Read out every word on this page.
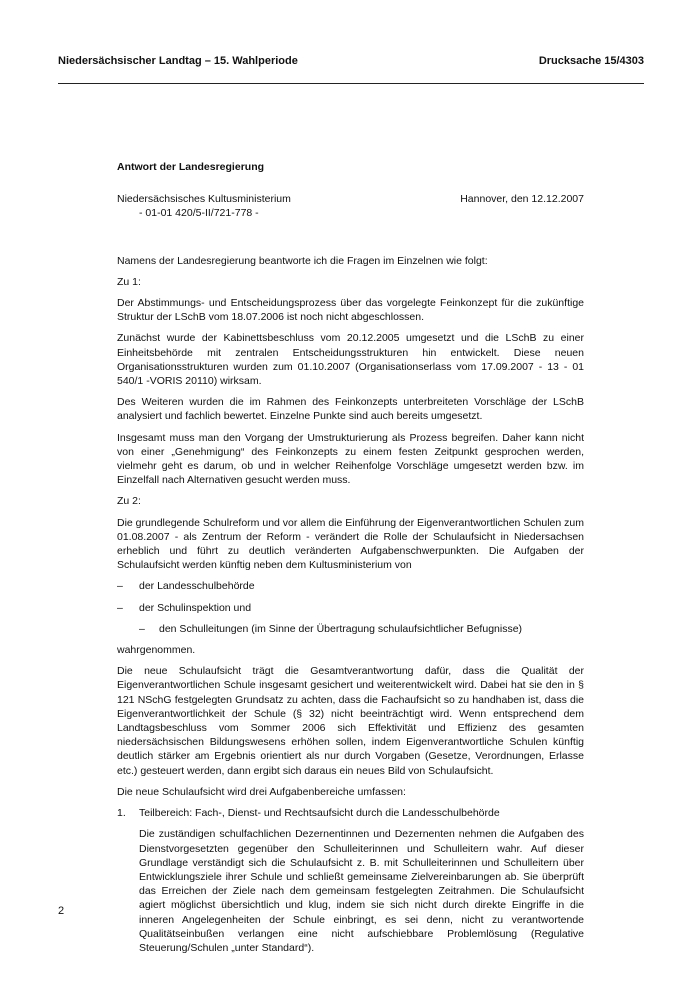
Niedersächsischer Landtag – 15. Wahlperiode	Drucksache 15/4303

Antwort der Landesregierung

Niedersächsisches Kultusministerium	Hannover, den 12.12.2007

- 01-01 420/5-II/721-778 -

Namens der Landesregierung beantworte ich die Fragen im Einzelnen wie folgt:

Zu 1:

Der Abstimmungs- und Entscheidungsprozess über das vorgelegte Feinkonzept für die zukünftige Struktur der LSchB vom 18.07.2006 ist noch nicht abgeschlossen.

Zunächst wurde der Kabinettsbeschluss vom 20.12.2005 umgesetzt und die LSchB zu einer Einheitsbehörde mit zentralen Entscheidungsstrukturen hin entwickelt. Diese neuen Organisationsstrukturen wurden zum 01.10.2007 (Organisationserlass vom 17.09.2007 - 13 - 01 540/1 -VORIS 20110) wirksam.

Des Weiteren wurden die im Rahmen des Feinkonzepts unterbreiteten Vorschläge der LSchB analysiert und fachlich bewertet. Einzelne Punkte sind auch bereits umgesetzt.

Insgesamt muss man den Vorgang der Umstrukturierung als Prozess begreifen. Daher kann nicht von einer „Genehmigung“ des Feinkonzepts zu einem festen Zeitpunkt gesprochen werden, vielmehr geht es darum, ob und in welcher Reihenfolge Vorschläge umgesetzt werden bzw. im Einzelfall nach Alternativen gesucht werden muss.

Zu 2:

Die grundlegende Schulreform und vor allem die Einführung der Eigenverantwortlichen Schulen zum 01.08.2007 - als Zentrum der Reform - verändert die Rolle der Schulaufsicht in Niedersachsen erheblich und führt zu deutlich veränderten Aufgabenschwerpunkten. Die Aufgaben der Schulaufsicht werden künftig neben dem Kultusministerium von

– der Landesschulbehörde
– der Schulinspektion und
– den Schulleitungen (im Sinne der Übertragung schulaufsichtlicher Befugnisse)

wahrgenommen.

Die neue Schulaufsicht trägt die Gesamtverantwortung dafür, dass die Qualität der Eigenverantwortlichen Schule insgesamt gesichert und weiterentwickelt wird. Dabei hat sie den in § 121 NSchG festgelegten Grundsatz zu achten, dass die Fachaufsicht so zu handhaben ist, dass die Eigenverantwortlichkeit der Schule (§ 32) nicht beeinträchtigt wird. Wenn entsprechend dem Landtagsbeschluss vom Sommer 2006 sich Effektivität und Effizienz des gesamten niedersächsischen Bildungswesens erhöhen sollen, indem Eigenverantwortliche Schulen künftig deutlich stärker am Ergebnis orientiert als nur durch Vorgaben (Gesetze, Verordnungen, Erlasse etc.) gesteuert werden, dann ergibt sich daraus ein neues Bild von Schulaufsicht.

Die neue Schulaufsicht wird drei Aufgabenbereiche umfassen:

1. Teilbereich: Fach-, Dienst- und Rechtsaufsicht durch die Landesschulbehörde

Die zuständigen schulfachlichen Dezernentinnen und Dezernenten nehmen die Aufgaben des Dienstvorgesetzten gegenüber den Schulleiterinnen und Schulleitern wahr. Auf dieser Grundlage verständigt sich die Schulaufsicht z. B. mit Schulleiterinnen und Schulleitern über Entwicklungsziele ihrer Schule und schließt gemeinsame Zielvereinbarungen ab. Sie überprüft das Erreichen der Ziele nach dem gemeinsam festgelegten Zeitrahmen. Die Schulaufsicht agiert möglichst übersichtlich und klug, indem sie sich nicht durch direkte Eingriffe in die inneren Angelegenheiten der Schule einbringt, es sei denn, nicht zu verantwortende Qualitätseinbußen verlangen eine nicht aufschiebbare Problemlösung (Regulative Steuerung/Schulen „unter Standard“).

2
